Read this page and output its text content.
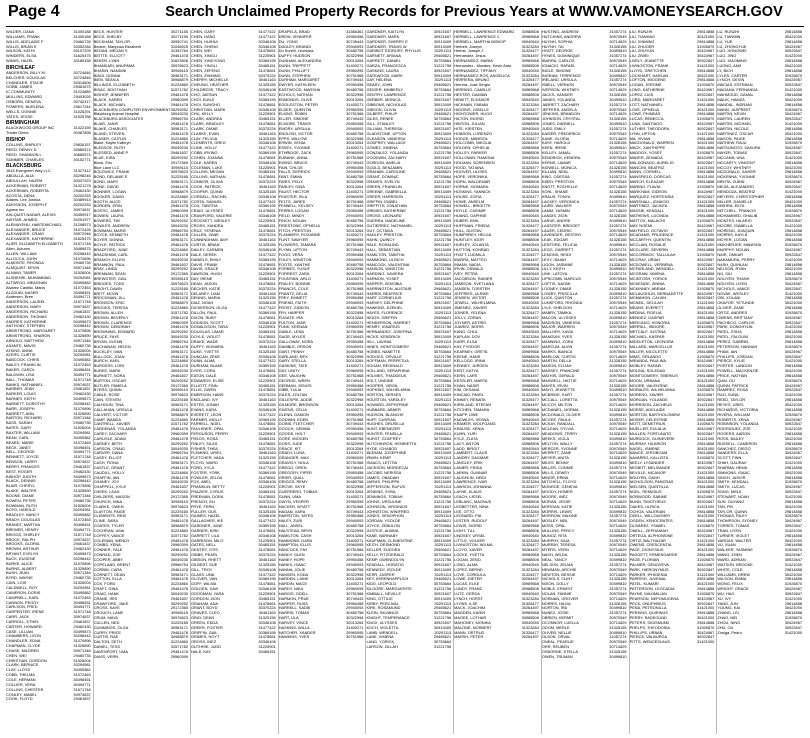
Page 4	Search Unclaimed Property Records for Previous Years at WWW.VAMONEYSEARCH.GOV
WILDER, DANA	31400188
WILLIAMS, FRANK	31400188
WILLIS, ADELAIDE F	29460726
WILLIS, BRIAN K	30352284
WILSON, KATHI	30107209
WINDERS, ELSA	31625475
WINKS, HAZEL	30189158
BIRCHLEAF
ANDERSON, BILLY M	30724846
BELCHER, DOUGLAS	30724846
CHANDLER, STACIE	30314606
GOBB, JAMES	29481875
IC COMMUNITY	31224889
MULLINS, EDWARD	29403026
OSBORN, GENEVA	30742417
POWERS, BURLENA	29617244
WELLS, DONNIE	31025291
YATES, JESSE	31525788
BIRMINGHAM
BLACKWOOD GROUP INC	31322159
Trader Direct	30467898
BISHOP
COLLINS, SHIRLEY	29826157
REED, DENNY D	30680574
REED, SHANNON L	30680574
SUMMER, CHARLES	30152771
BLACKSBURG
1815 Evergreen Way LLC	31327412
ABDALLA, ALIA	30298246
ABDULLAH, HAZEM	30337923
ACKERMAN, ROBERT	31021278
ACKERMAN, ROBERTA	29462430
ACOSTA, DENA	30202253
Adams, Lee Joshua	30489914
ADKISSON, JOSEPH F	30202253
Agnew Inc	30974637
AHLQUIST-NADAR, ALEXIS	30459917
AKHTAR, AHMED	30291977
ALEMAYEHU, HABTEMICHAEL	31298573
ALEXANDER, BRUCE	31072426
ALEXANDER, CRAIG	30972946
ALEXANDER, KATHERINE	31625475
ALIER, ELIZABETH ELIZABETH	31571748
Allen, Autumn	30489675
ALLEN, WILLIAM	30298442
ALLOCCA, JOHN	31070896
ALMONTE, RHONDA	29460735
ALMQUIST, KEVIN	30971346
ALNAWI, TAMER	31526004
ALSHEHRI, MUHAMMAD	30294981
ALTWEGG, MEAGHAN	30490882
Alvarez Castillo, Maria	31072463
ALZOUBI, NASER	30498451
Andersen, Bree	30494771
ANDERSON, LAUREL	31571748
ANDERSON, MARY	30974637
ANDERSON, RICHARD	29461837
ANDERSON, THOMAS	29462430
ANDRES, KATHERINE	30499873
ANTHONY, STEPHEN	30298442
ARMSTRONG, MARGARET	31070896
ARMSTRONG, SHARON	31325890
ARNOLD, MATTHEW	30971346
ASANTE, MAVIS	29460735
ATKINS, ANNA	31526004
AYERS, CURTIS	30294981
BABCOCK, CHRIS	30490882
BAILEY, FRANKLIN	31072463
BAKER, CAROL	30498451
BALDWIN, LISA	30494771
BALL, THOMAS	31571748
BANKS, NATHANIEL	30974637
BARBER, JEAN	29461837
BARKER, LOUIS	29462430
BARNES, KEITH	30499873
BARNETT, DOROTHY	30298442
BARR, JOSEPH	31070896
BARRETT, ANN	31325890
BARTON, RICHARD	30971346
BASS, SARAH	29460735
BATES, GARY	31526004
BAXTER, WILLIAM	30294981
BEAN, CARL	30490882
BEARD, MARIE	31072463
BECK, JANET	30498451
BELL, GEORGE	30494771
BENNETT, JOYCE	31571748
BENSON, LARRY	30974637
BERRY, FRANCES	29461837
BEST, ROGER	29462430
BISHOP, JUDITH	30499873
BLACK, DENNIS	30298442
BLAIR, CHERYL	31070896
BLAKE, WALTER	31325890
BOONE, DIANE	30971346
BOWEN, PETER	29460735
BOWMAN, RUTH	31526004
BOYD, HAROLD	30294981
BRADLEY, NANCY	30490882
BRADY, DOUGLAS	31072463
BRANDT, MARTHA	30498451
BREWER, HENRY	30494771
BRIGGS, SHIRLEY	31571748
BROCK, RALPH	30974637
BROOKS, GLORIA	29461837
BROWN, ARTHUR	29462430
BRYANT, EVELYN	30499873
BUCK, EUGENE	30298442
BURKE, ALICE	31070896
BURNS, ALBERT	31325890
BUSH, JEAN	30971346
BYRD, WAYNE	29460735
CAIN, LOIS	31526004
CALDWELL, ROY	30294981
CAMERON, DORIS	30490882
CAMPBELL, EARL	31072463
CANNON, PEGGY	30498451
CARLSON, FRED	30494771
CARPENTER, IRENE	31571748
CARR, JACK	30974637
CARROLL, ETHEL	29461837
CARTER, HOWARD	29462430
CASE, LILLIAN	30499873
CHAMBERS, LEON	30298442
CHANDLER, EDNA	31070896
CHAPMAN, CLYDE	31325890
CHASE, MILDRED	30971346
CHEN, WEI	29460735
CHRISTIAN, GORDON	31526004
CLARK, BERNICE	30294981
CLAY, LLOYD	30490882
COBB, THELMA	31072463
COLE, HERMAN	30498451
COLLIER, VERA	30494771
COLLINS, CHESTER	31571748
CONLEY, MABEL	30974637
COOK, FLOYD	29461837
BECK, HUNTER	30271155
BECK, SHELBY	30271155
BECKHAM, TAYLOR	30950741
Becker, Mariposa Elizabeth	31048925
BEGAN, MEGAN S	31392764
BEITTE, ELLIOTT	29461478
BEKER, LYNN	31623506
BHANDARI, ANUPAMA	30976623
BHASIN, NANDINI	30969115
BIAGI, DONNA	30963171
BIEN, SEAN A	30968879
BILLINGS, ELIZABETH	31224860
BISAC, BOOTHAH	31571782
BISHOP, JENNIFER	29461478
BLACK, KAREN	29960399
BLACK, MICHAEL	29461478
BLACKBURN COMPUTER ENVIRONMENT 30299252
Blackburg Animal Hospital	30049230
BLACKBURG ASSOCIATES	29966754
BLAIR, JANIS	29461478
BLAKE, CHARLES	30963171
BLAND, STEVEN	29461478
BLASER, CAITLIN	31224860
Blake, Kaylin Kathryn	29461478
BLEDSOE, RUTH	30049230
BLESSED, ANNE P	29461837
BLUE, KIRA	30299252
Block, Eric	29172365
Blue Lane LLC	30969115
BOLEWICZ, FRANK	30976623
BOND, DELANIE E	31225165
BOND, MARY	30963171
BONE, DAVID	29461478
BONNER, LOGAN	30968879
BOOKER, DAVID	31224860
BOOTH, ALICE	31571782
BORDEN, ERIN	29461478
BOSTIC, JAMES	29960399
BOWEN, LAURA	29461478
BOWERS, TIM	30299252
BOWLES, ANDREW	30049230
BOWMAN, MARIE	29966754
BOYCE, KENNETH	29461478
BOYER, DONNA	30963171
BOYLE, PATRICK	29461478
BRADFORD, JUNE	31224860
BRADSHAW, CARL	29461478
BRANCH, ELLEN	30049230
BRANNON, PAUL	29461837
BRAY, LINDA	30299252
BRENNAN, SEAN	29172365
BREWSTER, GAIL	30969115
BRIDGES, TODD	30976623
BRIGHT, DAWN	31225165
BRITT, KEVIN	30963171
BROCKMAN, JILL	29461478
BRONSON, ERIC	30968879
BROOKS, TERESA	31224860
BROWN, ALLEN	31571782
BROWN, BEVERLY	29461478
BROWN, CLARENCE	29960399
BROWN, DEBORAH	29461478
BROWNING, EDWARD	30299252
BRUCE, FAYE	30049230
BRYAN, GLENN	29966754
BUCHANAN, HELEN	29461478
BUCKLEY, IVAN	30963171
BULLOCK, JOAN	29461478
BURCH, KARL	31224860
BURGESS, LORI	29461478
BURKE, MARK	30049230
BURNETT, NORA	29461837
BURTON, OSCAR	30299252
BUTLER, PAMELA	29172365
BYERS, QUINN	30969115
CABLE, ROSE	30976623
CAIN, STEVEN	31225165
CALHOUN, TINA	30963171
CALLAHAN, URSULA	29461478
CALVERT, VICTOR	30968879
CAMP, WANDA	31224860
CANTRELL, XAVIER	31571782
CARDENAS, YOLANDA	29461478
CAREY, ZACHARY	29960399
CARLISLE, ADAM	29461478
CARNEY, BETH	30299252
CARSON, CRAIG	30049230
CARVER, DANA	29966754
CASEY, ELLIOT	29461478
CASH, FIONA	30963171
CASTLE, GRANT	29461478
CAUDILL, HOLLY	31224860
CHAFFIN, IAN	29461478
CHANEY, JOY	30049230
CHAPPELL, KYLE	29461837
CHEEK, LEAH	30299252
CHILDERS, MASON	29172365
CHURCH, NINA	30969115
CLARKE, OWEN	30976623
CLAYTON, PAIGE	31225165
CLEMENTS, REID	30963171
CLINE, SARA	29461478
COATES, TYLER	30968879
COCHRAN, UMA	31224860
COFFEY, VANCE	31571782
COLEMAN, WENDY	29461478
COMBS, XENA	29960399
CONNER, YALE	29461478
CONRAD, ZOE	30299252
COOPER, ABBY	30049230
COPELAND, BRENT	29966754
CORBIN, CARA	29461478
CORNETT, DEAN	30963171
COTTON, ELLA	29461478
COX, FORD	31224860
CRAFT, GINA	29461478
CRAIG, HANK	30049230
CRANE, IRIS	29461837
CRAWFORD, JAKE	30299252
CROSS, KAYE	29172365
CROUCH, LANE	30969115
CRUM, MAYA	30976623
CULLEN, NED	31225165
CUMMINGS, OLGA	30963171
CURRY, PRICE	29461478
CURTIS, RAE	30968879
DALTON, SETH	31224860
DANIEL, TESS	31571782
DAVENPORT, UMA	29461478
DAVIS, VERN	29960399
CHEN, GARY	31477422
CHEN, HANG	31477422
CHEN, HUIHUI	30346108
CHEN, SHENG	30346108
CHEN, WEI	31478651
CHEN, XINGLI	31225901
CHEN, XINGYONG	30369195
CHEN, YINGLI	30465151
CHEN, ZEFENG	31478651
CHEN, ZHIMING	30370224
CHERRY, MICHELLE	30461163
CHEUNG, HEATHER	31325155
CHILDRESS, TRACY	30346108
CHO, JAESUN	31477422
CHOI, EUNJI	30369195
CHOI, SUNGHO	31478651
CHRISTIAN, MARK	30346108
CHU, KELLY	31225901
CLARK, ANDREA	30465151
CLARK, BRADLEY	31478651
CLARK, DIANE	30370224
CLARKE, EVAN	30461163
CLAY, FELICIA	31325155
CLEMENTS, GREG	30346108
CLINE, HOLLY	31477422
COBB, IRVING	30369195
COHEN, JOANNA	31478651
COLE, KAREN	30346108
COLEMAN, LUKE	31225901
COLLINS, MEGAN	30465151
COLLINS, NATHAN	31478651
CONNOR, OLIVIA	30370224
COOK, PATRICK	30461163
COOPER, QUINN	31325155
CORDELL, RACHEL	30346108
COSTA, SAMUEL	31477422
COX, TABITHA	30369195
CRAIG, ULYSSES	31478651
CRAWFORD, VALERIE	30346108
CROCKETT, WESLEY	31225901
CROSS, XANDRA	30465151
CRUZ, YESENIA	31478651
CULLEN, ZANE	30370224
CUNNINGHAM, AMY	30461163
CURTIS, BRIAN	31325155
DAILEY, CARMEN	30346108
DALE, DEREK	31477422
DANIELS, EMILY	30369195
DAVIS, FRANK	31478651
DAVIS, GRACE	30346108
DAWSON, HUGH	31225901
DAY, IRENE	30465151
DEAN, JASON	31478651
DECKER, KATIE	30370224
DELANEY, LIAM	30461163
DENNIS, MARIA	31325155
DIAZ, NOAH	30346108
DICKERSON, OLGA	31477422
DILLON, PAUL	30369195
DIXON, RUBY	31478651
DODSON, SCOTT	30346108
DONALDSON, TARA	31225901
DOUGLAS, UMAR	30465151
DOYLE, VIOLET	31478651
DRAKE, WADE	30370224
DUFFY, XIOMARA	30461163
DUKE, YVETTE	31325155
DUNCAN, ZEKE	30346108
DUNN, ALMA	31477422
DURHAM, BLAKE	30369195
DYER, CORA	31478651
EATON, DALE	30346108
EDWARDS, ELISE	31225901
ELLIOTT, FINN	30465151
ELLIS, GWEN	31478651
EMERSON, HANS	30370224
ENGLAND, IVY	30461163
ESTES, JONAH	31325155
EVANS, KARA	30346108
EVERETT, LEON	31477422
FARMER, MOLLY	30369195
FARRELL, NOEL	31478651
FAULKNER, OPAL	30346108
FERGUSON, PERRY	31225901
FIELDS, ROSA	30465151
FINLEY, SILAS	31478651
FISHER, THEA	30370224
FLEMING, URIEL	30461163
FLETCHER, VADA	31325155
FLOYD, WARD	30346108
FORD, XYLA	31477422
FOSTER, YORK	30369195
FOWLER, ZELDA	31478651
FOX, ABEL	30346108
FRANKLIN, BETTY	31225901
FRAZIER, CYRUS	30465151
FREEMAN, DORA	31478651
FRENCH, ELI	30370224
FRYE, FERN	30461163
FULLER, GUS	31325155
GAINES, HAZEL	30346108
GALLAGHER, IKE	31477422
GARDNER, JUNE	30369195
GARNER, KIRK	31478651
GARRETT, LILA	30346108
GARRISON, MILO	31225901
GATES, NELL	30465151
GENTRY, OTIS	31478651
GIBBS, PEARL	30370224
GIBSON, RHETT	30461163
GILBERT, SUE	31325155
GILL, TROY	30346108
GLASS, UNA	31477422
GLOVER, VAN	30369195
GOFF, WILMA	31478651
GOLDEN, XAVI	30346108
GOODMAN, YARA	31225901
GORDON, ZION	30465151
GRAHAM, ADA	31478651
GRANT, BOYD	30370224
GRAVES, CLEO	30461163
GRAY, DEAN	31325155
GREEN, EDDA	30346108
GREER, FOSTER	31477422
GRIFFIN, GAIL	30369195
GRIMES, HOYT	31478651
GROSS, INEZ	30346108
GUTHRIE, JUDD	31225901
HALE, KAY	30465151
DRAPELA, BRAD	31566361
DREW, JENNIFER	29950458
DU, YONG	30749443
DUDLEY, BRANDI	29940093
Du Sorelli, Leonidas	30480758
DUFFY, HUDSON	30322998
DUNHAM, ALEXANDRA	30013264
DUNN, TRIPPETT	31400271
DUNN, PHILLIP T	29960095
DUNN, STEPHEN	30751968
DURHAM, MARGARET	30749443
DWYER, KATHLEEN	29950458
EASTWOOD, MARSHA	30480758
ECHOLS, NATHAN	30322998
EDMONDS, OLIVE	30013264
EGGLESTON, PETER	31400271
ELDER, QUENTIN	29960095
ELKINS, ROBIN	30751968
ELLER, SIMONE	30749443
ELMORE, TRAVIS	29950458
EMORY, URSULA	29940093
ENGLISH, VICTOR	30480758
EPPS, WILLOW	30322998
ERWIN, XENIA	30013264
ESSEX, YVONNE	31400271
ETHRIDGE, ZACK	29960095
EUBANK, ANNA	30751968
EWING, BRUCE	30749443
FAIN, CHLOE	29950458
FALLS, DERRICK	29940093
FANT, EMMA	30480758
FARIS, FELIX	30322998
FARLEY, GINA	30013264
FAUST, HECTOR	31400271
FEASTER, ISLA	29960095
FELTS, JARED	30751968
FENNELL, KELSEY	30749443
FERRIS, LOGAN	29950458
FIELD, MINDY	29940093
FINCH, NOLAN	30480758
FIRESTONE, OPHELIA	30322998
FITCH, PRESTON	30013264
FLANNERY, ROXANNE	31400271
FLINT, SAWYER	29960095
FLOWERS, TAMARA	30751968
FLYNN, UPTON	30749443
FOGG, VERA	29950458
FOLEY, WINSTON	29940093
FOOTE, XANTHE	30480758
FORBES, YUSUF	30322998
FORREST, ZARA	30013264
FOUNTAIN, ARLO	31400271
FRALEY, BONNIE	29960095
FRANCIS, COLE	30751968
FRANTZ, DELIA	30749443
FREY, EMMETT	29950458
FRIEND, FAITH	29940093
FROST, GIDEON	30480758
FRY, HARPER	30322998
FUGATE, IRA	30013264
FULTON, JADE	31400271
FUNK, KEENAN	29960095
GABLE, LENA	30751968
GAGE, MYLES	30749443
GALLOWAY, NORA	29950458
GAMBLE, ORSON	29940093
GANT, PENNY	30480758
GARLAND, REX	30322998
GARY, STELLA	30013264
GASKINS, TATE	31400271
GAY, UNITY	29960095
GEE, VAUGHN	30751968
GEORGE, WREN	30749443
GERMAN, XENOS	29950458
GIBB, YULIA	29940093
GILES, ZOLTAN	30480758
GILLESPIE, ADDIE	30322998
GILMORE, BRONSON	30013264
GIVENS, CELIA	31400271
GLENN, DAMON	29960095
GODWIN, EDEN	30751968
GOINS, FLETCHER	30749443
GOOCH, GEMMA	29950458
GOODE, HOLT	29940093
GORE, IMOGEN	30480758
GOSS, JUDE	30322998
GRACE, KIT	30013264
GRADY, LUNA	31400271
GRANGER, MAX	29960095
GRAVELY, NOLA	30751968
GREGG, OREN	30749443
GREGORY, PIPER	29950458
GRIER, QUILL	29940093
GRIGGS, REMY	30480758
GROVE, SKYE	30322998
GUERRERO, TOBIAS	30013264
GUNN, UMA	31400271
GWYN, VESPER	29960095
HACKER, WYATT	30751968
HAGAN, XARA	30749443
HAIRSTON, YATES	29950458
HALEY, ZURI	29940093
HALL, ANSEL	30480758
HALSTEAD, BRYN	30322998
HAMILTON, CASH	30013264
HAMMOND, DARA	31400271
HAMPTON, ELLIS	29960095
HANCOCK, FAY	30751968
HANDY, GLEN	30749443
HANEY, HOPE	29950458
HANKS, ISAAC	29940093
HANNA, JOLIE	30480758
HANSEN, KODA	30322998
HARDEN, LAINE	30013264
HARDIN, MACE	31400271
HARDY, NIKA	29960095
HARGIS, ODELL	30751968
HARMON, PRUE	30749443
HARPER, RUSS	29950458
HARRELL, SADIE	29940093
HARRIS, TOMAS	30480758
HART, ULA	30322998
HARVEY, VINCE	30013264
HASKINS, WILLA	31400271
HATCHER, XANDER	29960095
HAWKINS, YVES	30751968
GARDNER, KAITLYN	30921607
GARDNER, MARK	30921607
GARDNER, SHERRY E	30913409
GARDNER, TRAVIS W	30913409
GARIBOTTODRURY, PHYLLIS	30291113
GARNETT, ARIANA	29465621
GARRETT, DANIEL	30753664
GARZA, FRANCESCA	31221756
GASKINS, LAURA	30921607
GATEWOOD, MARK	30913409
GAY, HELENA	30291113
GEARY, JOHN	29465621
GEIGER, KIMBERLY	30753664
GENTRY, LAWRENCE	31221756
GERBER, MONICA	30921607
GIBBONS, NICHOLAS	30913409
GIBSON, OLIVIA	30291113
GILBERT, PHILIP	29465621
GILES, RENEE	30753664
GILL, STANLEY	31221756
GILLIAM, THERESA	30921607
GLADSTONE, UPTON	30913409
GLEASON, VANESSA	30291113
GODFREY, WALLACE	29465621
GOMEZ, XIMENA	30753664
GONZALEZ, YOLANDA	31221756
GOODWIN, ZACHARY	30921607
GORDON, AMELIA	30913409
GOULD, BENJAMIN	30291113
GRAHAM, CAROLINE	29465621
GRANT, DOMINIC	30753664
GRAVES, EVELYN	31221756
GREEN, FRANKLIN	30921607
GREENE, GABRIELLA	30913409
GREER, HARRISON	30291113
GRIFFIN, ISABEL	29465621
GRIFFITH, JONATHAN	30753664
GRIMES, KATHERINE	31221756
GROSS, LEONARD	30921607
GUERRA, MADELINE	30913409
GUTIERREZ, NATHANIEL	30291113
GUY, OCTAVIA	29465621
HADLEY, PRESTON	30753664
HAHN, QUINCY	31221756
HALE, ROSALIND	30921607
HALL, SEBASTIAN	30913409
HAMILTON, TABITHA	30291113
HAMMOND, ULRICH	29465621
HANCOCK, VALENTINA	30753664
HANSON, WINSTON	31221756
HARDING, XAVIERA	30921607
HARMON, YOSEF	30913409
HARPER, ZENOBIA	30291113
HARRINGTON, ALISTAIR	29465621
HARRIS, BEATRICE	30753664
HART, CORNELIUS	31221756
HARVEY, DELPHINE	30921607
HAWKINS, EZEKIEL	30913409
HAYES, FLORENCE	30291113
HEATH, GRIFFIN	29465621
HENDERSON, HARRIET	30753664
HENRY, IGNATIUS	31221756
HERNANDEZ, JOSEFINA	30921607
HICKS, KENDRICK	30913409
HILL, LAVINIA	30291113
HINES, MONTGOMERY	29465621
HOBBS, NANETTE	30753664
HODGES, ORVILLE	31221756
HOFFMAN, PERPETUA	30921607
HOGAN, REGINALD	30913409
HOLLAND, SERAPHINA	30291113
HOLMES, THADDEUS	29465621
HOLT, UNDINE	30753664
HOOPER, VIRGIL	31221756
HOPKINS, WILHELMINA	30921607
HORTON, XERXES	30913409
HOUSTON, YARDLEY	30291113
HOWARD, ZEPHYRINE	29465621
HUBBARD, ABNER	30753664
HUDSON, BLANCHE	31221756
HUFF, CASPIAN	30921607
HUGHES, DRUSILLA	30913409
HUNT, EBENEZER	30291113
HUNTER, FENELLA	29465621
HURST, GODFREY	30753664
HUTCHINSON, HENRIETTA	31221756
HYDE, ICHABOD	30921607
INGRAM, JOSEPHINE	30913409
IRWIN, KEMP	30291113
ISAACS, LETITIA	29465621
JACKSON, MORDECAI	30753664
JACOBS, NERISSA	31221756
JAMES, OBADIAH	30921607
JARVIS, PHILIPPA	30913409
JEFFERSON, RUFUS	30291113
JENKINS, SYBIL	29465621
JENNINGS, TOBIAH	30753664
JOHNS, URSULINE	31221756
JOHNSON, VIRGINIUS	30921607
JOHNSTON, WINIFRED	30913409
JONES, XENOPHON	30291113
JORDAN, YSOLDE	29465621
JOYCE, ZEBULON	30753664
JUSTICE, ALBINA	31221756
KANE, BARNABY	30921607
KAUFMAN, CLEMENTINE	30913409
KEITH, DESMOND	30291113
KELLER, EUDORA	29465621
KELLY, FITZGERALD	30753664
KEMP, GWENDOLYN	31221756
KENDALL, HORATIO	30921607
KENNEDY, ISOLDE	30913409
KERR, JASPER	30291113
KEY, KERENHAPPUCH	29465621
KIDD, LEOPOLD	30753664
KILGORE, MARGUERITE	31221756
KIMBALL, NEVILLE	30921607
KING, OTTILIE	30913409
KIRBY, PERCIVAL	30291113
KIRK, ROSAMUND	29465621
KLEIN, SILVANUS	30753664
KNIGHT, TEMPERANCE	31221756
KNOX, ULYSSES	30921607
KOCH, VIOLETTA	30913409
LAMB, WENDELL	30291113
LANE, XIMENA	29465621
LANG, YORICK	30753664
LARSON, ZILLAH	31221756
HERBELL, LAWRENCE EDWARD 30988506
HERBELL, LAWRENCE C	30989568
HERBELL, MARTHA BISHOP	30940540
Herbert, Joseph	31323284
Herbst, Joseph J	31326477
Hernandez, Jesus	30264497
HERNANDEZ, MARIA	30989568
Hernandez - Morales, Kevin Aldo	30988506
HERNANDEZ, TIFFANY	30940540
HERNANDEZ-ROS, ANGELICA	31323284
HERRERA, BRUNO	31326477
Herrera, Jose Sergio	30264497
HERRING, CAMILLE	30989568
HESTER, DAMIAN	30988506
HEWITT, ELEANOR	30940540
HICKMAN, FABIAN	31323284
HIGGINS, GISELLE	31326477
HIGHTOWER, HUGO	30264497
HILTON, INGRID	30989568
HINTON, JULIAN	30988506
HITE, KIRSTEN	30940540
HOBSON, LORENZO	31323284
HODGE, MARISOL	31326477
HOLCOMB, NIKOLAI	30264497
HOLDEN, OPHELIA	30989568
HOLLEY, PARKER	30988506
HOLLOWAY, RAMONA	30940540
HOLMAN, SORENSEN	31323284
HOOD, TATIANA	31326477
HOOVER, ULISES	30264497
HOPE, VERONIKA	30989568
HORN, WALDEMAR	30988506
HORNE, XIOMARA	30940540
HOSKINS, YANNICK	31323284
HOUSE, ZOFIA	31326477
HOWE, ANSELM	30264497
HOWELL, BRIGITTE	30989568
HOYLE, CASIMIR	30988506
HUANG, DAPHNE	30940540
HUBER, EMIL	31323284
HUFFMAN, FRIEDA	31326477
HULL, GUSTAV	30264497
HUMPHREY, HELGA	30989568
HUNTLEY, IGOR	30988506
HURLEY, JOLANTA	30940540
HUTTON, KONRAD	31323284
HYATT, LUDMILA	31326477
IBARRA, MATTEO	30264497
INMAN, NADIA	30989568
IRVIN, OSWALD	30988506
IVEY, PETRA	30940540
JACOBSON, RAINER	31323284
JAMISON, SVETLANA	31326477
JANSEN, TORSTEN	30264497
JEFFRIES, ULRIKE	30989568
JENSEN, VIKTOR	30988506
JEWELL, WILHELMINA	30940540
JIMENEZ, XAVIER	31323284
JOINER, YELENA	31326477
JOLLY, ZORAN	30264497
JOYNER, ASTRID	30989568
JUAREZ, BORIS	30988506
KANG, CHUL	30940540
KAPLAN, DOV	31323284
KARR, ELSA	31326477
KAY, FYODOR	30264497
KEARNEY, GRETA	30989568
KEENE, HANS	30988506
KELLOGG, IRINA	30940540
KENNEY, JURGEN	31323284
KENT, KATYA	31326477
KERN, LARS	30264497
KESSLER, MARTA	30989568
KHAN, NASIR	30988506
KIM, OKSANA	30940540
KINCAID, PAVEL	31323284
KINNEY, RENATA	31326477
KIRKLAND, STEFAN	30264497
KITCHEN, TAMARA	30989568
KNAPP, UWE	30988506
KNOWLES, VESNA	30940540
KRAMER, WOLFGANG	31323284
KRAUSE, XENIA	31326477
KUHN, YURI	30264497
KYLE, ZLATA	30989568
LACY, ANTON	30988506
LADD, BIRGIT	30940540
LAMBERT, CLAUS	31323284
LANDRY, DAGMAR	31326477
LANGLEY, ERIK	30264497
LANIER, FRIDA	30989568
LARKIN, GUNNAR	30988506
LAUGHLIN, HEIDI	30940540
LAWRENCE, IVAR	31323284
LAWSON, JOHANNA	31326477
LAYNE, KLAUS	30264497
LEACH, LIESEL	30989568
LEBLANC, MAGNUS	30988506
LEDBETTER, NINA	30940540
LEE, OTTO	31323284
LEONARD, PIA	31326477
LESTER, RUDOLF	30264497
LEWIS, SIGRID	30989568
LIGHT, TILL	30988506
LINDSEY, URSEL	30940540
LITTLE, VOLKER	31323284
LIVINGSTON, WILMA	31326477
LLOYD, XAVER	30264497
LOCKE, YVETTA	30989568
LOGAN, ZENO	30988506
LONG, ALMA	30940540
LOPEZ, BERND	31323284
LOVE, CORDULA	31326477
LOWE, DIETER	30264497
LUCAS, ELKE	30989568
LUNDY, FRANZ	30988506
LUTZ, GERDA	30940540
LYNCH, HORST	31323284
LYONS, ILSE	31326477
MACK, JOACHIM	30264497
MADDEN, KARIN	30989568
MAGEE, LOTHAR	30988506
MAHONEY, MONIKA	30940540
MALONE, NORBERT	31323284
MANN, ORTRUD	31326477
MARSH, PETER	30264497
HUSTING, ANDREW	31057274
HUTCHINS, ANDREW	30970549
HUYNH, SOPHIA	30714629
HUYNH, TAI	31328155
HYATT, GEORGE	30499810
HYNES, DOMINIQUE	31057274
IBARRA, CARLOS	30970549
IGNACIO, RAFAEL	30714629
INGLE, SIMONE	31328155
INGRAM, TERRENCE	30499810
IRELAND, URSULA	31057274
ISBELL, VERNON	30970549
IVERSON, WHITNEY	30714629
JACKS, XANDER	31328155
JAMES, YOLANDA	30499810
JARRETT, ZACHARY	31057274
JEFFERS, ANGELA	30970549
JENKINS, BRANDON	30714629
JOHNSON, CRYSTAL	31328155
JONES, DARNELL	30499810
JUDD, EMILY	31057274
KAISER, FREDERICK	30970549
KANE, GLORIA	30714629
KAYE, HAROLD	31328155
KEEN, IRENE	30499810
KELLEY, JAMAL	31057274
KENDRICK, KENDRA	30970549
KERNS, LAMAR	30714629
KIDWELL, MONICA	31328155
KILLIAN, NEAL	30499810
KING, ODESSA	31057274
KIRBY, PRESTON	30970549
KNOTT, ROCHELLE	30714629
KOHL, SHANE	31328155
KRAUS, TONYA	30499810
LACKEY, VERONICA	31057274
LAIRD, WALKER	30970549
LAMM, YASMIN	30714629
LANDIS, ZION	31328155
LARUE, ANDRE	30499810
LASSITER, BRIDGET	31057274
LAUER, CEDRIC	30970549
LAVENDER, DESTINY	30714629
LEAK, EDGAR	31328155
LEDFORD, FELICIA	30499810
LEGG, GARRETT	31057274
LEMONS, HEIDI	30970549
LEVY, ISAIAH	30714629
LIGON, JASMINE	31328155
LILLY, KEITH	30499810
LINK, LATOYA	31057274
LIPSCOMB, MARCUS	30970549
LOFTIS, NAOMI	30714629
LOONEY, OMAR	31328155
LOWRY, PRISCILLA	30499810
LUCK, QUINTON	31057274
LUNSFORD, RHONDA	30970549
LYLE, SHELDON	30714629
MABRY, TAMIKA	31328155
MACON, ULYSSES	30499810
MADISON, VANESSA	31057274
MAJOR, WARREN	30970549
MALLORY, XAVIA	30714629
MANGUM, YVES	31328155
MANNING, ZORA	30499810
MARCUM, ALVIN	31057274
MARKS, BIANCA	30970549
MARLOW, CURTIS	30714629
MARTIN, DELLA	31328155
MASON, ELIJAH	30499810
MASSEY, FRANCINE	31057274
MATHIS, GERALD	30970549
MAXWELL, HATTIE	30714629
MAYES, IRVIN	31328155
MAYO, JEANETTE	30499810
MCBRIDE, KURT	31057274
MCCALL, LORETTA	30970549
MCCOY, MILTON	30714629
MCDANIEL, NORMA	31328155
MCDONALD, OLIVER	30499810
MCGEE, PAULA	31057274
MCKAY, RANDALL	30970549
MCLEAN, SYLVIA	30714629
MEADOWS, TERRY	31328155
MEEKS, VIOLA	30499810
MELTON, WALLY	31057274
MERCER, YVONNE	30970549
MERRITT, ZANE	30714629
MEYER, ANITA	31328155
MILES, BENNY	30499810
MILLER, CONNIE	31057274
MILLS, DEWEY	30970549
MINOR, ERMA	30714629
MITCHELL, FLOYD	31328155
MONROE, GENEVA	30499810
MOODY, HOMER	31057274
MOORE, INEZ	30970549
MORAN, JESSE	30714629
MORGAN, KATIE	31328155
MORRIS, LEWIS	30499810
MORROW, MAXINE	31057274
MOSLEY, NEIL	30970549
MOSS, OPAL	30714629
MULLINS, PERCY	31328155
MUNOZ, RITA	30499810
MURPHY, SAUL	31057274
MURRAY, TERESA	30970549
MYERS, VERN	30714629
NASH, WILDA	31328155
NEAL, YANCY	30499810
NELSON, ZELMA	31057274
NEWMAN, ARCHIE	30970549
NEWTON, BESSIE	30714629
NICHOLS, CLINT	31328155
NIXON, DOLLY	30499810
NOBLE, ERNEST	31057274
NOLAN, FANNIE	30970549
NORMAN, GROVER	30714629
NORRIS, HILDA	31328155
NORTON, IRA	30499810
NUNEZ, JOSIE	31057274
OBRIEN, KERMIT	30970549
OCONNOR, LUELLA	30714629
ODOM, MERLE	31328155
OLIVER, NELLIE	30499810
OLSON, ORVAL	31057274
ONEAL, PEARLIE	30970549
ORR, REUBEN	30714629
OSBORNE, STELLA	31328155
OWEN, TRUMAN	30499810
LIU, RUNZHI	29814858
LIU, TIANHAO	30421000
LIU, XINMING	29814858
LIU, ZHUOER	31926870
LIU, ZHUYUN	30424967
LIU, ZIWEI	30424967
LIVELY, JEANETTE	30922847
LIVINGSTON, FRANK	31421000
LLOYD, GRETCHEN	29814858
LOCKHART, HARLAN	30421000
LOFTON, IMOGENE	29814858
LOGAN, JEROME	31926870
LONG, KATHERINE	30424967
LOPEZ, LUIS	30922847
LORD, MARGARET	31421000
LOTT, NATHANIEL	29814858
LOVE, OPHELIA	30421000
LOWE, PHINEAS	29814858
LUCAS, REBECCA	31926870
LUNA, SANTIAGO	30424967
LUTHER, THEODORA	30922847
LYNN, UPTON	31421000
MA, VIVIAN	29814858
MACDONALD, WARREN	30421000
MACK, XANTHIPPE	29814858
MADDOX, YOSEF	31926870
MAHER, ZENAIDA	30424967
MALDONADO, AURELIO	30922847
MANCINI, BEATRIZ	31421000
MANN, CORNELL	29814858
MANSFIELD, DORCAS	30421000
MARCH, ELEAZAR	29814858
MARINO, FLAVIA	31926870
MARKHAM, GIDEON	30424967
MARQUEZ, HORTENSIA	30922847
MARSHALL, IGNACIO	31421000
MARTINEZ, JACINTA	29814858
MASSIE, KENDALL	30421000
MATHEWS, LUCINDA	29814858
MATTOX, MALACHI	31926870
MAY, NOEMI	30424967
MAYFIELD, OCTAVIO	30922847
MCADAMS, PRUDENCE	31421000
MCCARTHY, QUENTIN	29814858
MCCLAIN, ROSALIE	30421000
MCCLURE, SEVERIN	29814858
MCCORMICK, TALLULAH	31926870
MCCRAY, URIAH	30424967
MCDOWELL, VERBENA	30922847
MCFARLAND, WENDELL	31421000
MCGRAW, XIMENA	29814858
MCINTOSH, YORICK	30421000
MCKENZIE, ZINNIA	29814858
MCKINNEY, ABRAM	31926870
MCLAUGHLIN, BERNADETTE	30424967
MCMAHON, CALVIN	30922847
MCNEIL, DELILAH	31421000
MEANS, EVERETT	29814858
MEDINA, FIDELIA	30421000
MENDEZ, GASPAR	29814858
MERCADO, HONORIA	31926870
MERRILL, ISIDORE	30424967
METCALF, JUSTINA	30922847
MICHAEL, KASPAR	31421000
MIDDLETON, LEONORA	29814858
MILLARD, MARCELLUS	30421000
MILLER, NICOLETTE	29814858
MIMS, ORLANDO	31926870
MIRANDA, PAULINA	30424967
MOBLEY, RAFAEL	30922847
MOLINA, SOLEDAD	31421000
MONTGOMERY, TIBERIUS	29814858
MOON, URBANA	30421000
MOORE, VALENTINE	29814858
MORALES, WILHELMINA	31926870
MORENO, XAVIER	30424967
MORGAN, YOLANDE	30922847
MORRISON, ZACHEUS	31421000
MORSE, ADELAIDE	29814858
MORTON, BARTHOLOMEW	30421000
MOSER, CELESTINE	29814858
MOTT, DEMETRIUS	31926870
MUELLER, EULALIA	30424967
MULLEN, FORTUNATO	30922847
MURDOCK, GUINEVERE	31421000
MURRAY, HILARION	29814858
NAGEL, ISMENE	30421000
NANCE, JEROBOAM	29814858
NAVARRO, KALLISTA	31926870
NEELY, LYSANDER	30424967
NESBITT, MELISANDE	30922847
NEVILLE, NICANOR	31421000
NGUYEN, OANH	29814858
NICHOLSON, PANCRAS	30421000
NIELSEN, QUINTILLA	29814858
NOEL, REMIGIUS	31926870
NORWOOD, SABINE	30424967
NUNN, TIMOTHEUS	30922847
OAKES, ULRICA	31421000
OCHOA, VALERIAN	29814858
ODELL, WILLOUGHBY	30421000
OGDEN, XENOCRATES	29814858
OLIVAREZ, YSABEL	31926870
ONEILL, ZEPHANIAH	30424967
ORTEGA, ALPHONSINE	30922847
ORTIZ, BALTHAZAR	31421000
OWENS, CRESCENTIA	29814858
PACE, DIONYSIUS	30421000
PADGETT, ERMENGARDE	29814858
PAGE, FLORIAN	31926870
PALMER, GENOVEVA	30424967
PARK, HIERONYMUS	30922847
PARKER, IPHIGENIA	31421000
PARRISH, JUVENAL	29814858
PATEL, KUMARI	30421000
PATTERSON, LEOCADIA	29814858
PAYNE, MAXIMILIAN	31926870
PEARSON, NEPOMUCENA	30424967
PECK, ONUPHRIUS	30922847
PENA, PETRONILLA	31421000
PERKINS, QUIRINUS	29814858
PERRY, RADEGUND	30421000
PETERS, SIGISMUND	29814858
PHELPS, THEODOSIA	31926870
PHILLIPS, URBAN	30424967
PIERCE, VALBURGA	30922847
PITTS, WENCESLAUS	31421000
LU, RUNZHI	29814858
LU, TIANMIN	30421000
LU, YUE	29814858
LU, ZHONGYUE	30424967
LUO, HONGWEI	30922847
LUO, JING	31421000
LUO, XIAOMING	29814858
LUONG, ANH	30421000
LY, BICH	29814858
LYLES, CARTER	31926870
LYNCH, DEVIN	30424967
MACIAS, ESTEBAN	30922847
MAGANA, FERNANDA	31421000
MAHMOUD, GAMAL	29814858
MALIK, HAMZA	30421000
MANDAL, INDRANI	29814858
MANN, JASPREET	31926870
MARTIN, KEVIN	30424967
MARTIN, LAUREN	30922847
MARTIN, MICHAEL	31421000
MARTIN, NICOLE	29814858
MARTINEZ, OSCAR	30421000
MASON, PAIGE	29814858
MATHEW, RAJU	31926870
MATSUMOTO, SAKURA	30424967
MAYER, TOBIAS	30922847
MCCANN, UNA	31421000
MCCARTY, VINCENT	29814858
MCCOY, WHITNEY	30421000
MCDONALD, XAVIER	29814858
MCKENNA, YVONNE	31926870
MEHTA, ZUBIN	30424967
MEJIA, ALEJANDRO	30922847
MENDOZA, BEATRIZ	31421000
MEYERS, CHRISTOPHER	29814858
MILLER, DANIELLE	30421000
MISHRA, EKTA	29814858
MITCHELL, FRANCIS	31926870
MOHAMMED, GHALIB	30424967
MONTES, HILARIO	30922847
MOORE, ISABELLA	31421000
MORENO, JOAQUIN	29814858
MORRIS, KAYLA	30421000
MOYER, LOGAN	29814858
MUKHERJEE, MANISHA	31926870
MURPHY, NOLAN	30424967
NAIR, OMKAR	30922847
NAKAMURA, PERRY	31421000
NASH, QUINLAN	29814858
NELSON, RYAN	30421000
NG, SIU	29814858
NGUYEN, THANH	31926870
NGUYEN, UYEN	30424967
NICHOLS, VANCE	30922847
NOVAK, WESLEY	31421000
OBI, XOLANI	29814858
OKAFOR, YETUNDE	30421000
OLIVER, ZANE	29814858
ORTIZ, ANDRES	31926870
OWENS, BRITTANY	30424967
PACHECO, CARLOS	30922847
PARK, DONGHYUN	31421000
PATEL, ESHA	29814858
PATEL, FALGUNI	30421000
PEREZ, GABRIEL	29814858
PETERSON, HANNAH	31926870
PHAM, IAN	30424967
PHILLIPS, JORDAN	30922847
PIERCE, KYLIE	31421000
PORTER, LANDON	29814858
POWELL, MACKENZIE	30421000
PRICE, NATHAN	29814858
QIAN, OU	31926870
QUINN, PATRICK	30424967
RAMIREZ, ROSA	30922847
RAO, SUNIL	31421000
REED, TAYLOR	29814858
REYES, URIEL	30421000
RICHARDS, VICTORIA	29814858
RIVERA, WILLIAM	31926870
ROBERTS, XENA	30424967
ROBINSON, YOLANDA	30922847
RODRIGUEZ, ZOE	31421000
ROGERS, AARON	29814858
ROSS, BAILEY	30421000
RUSSELL, CAMERON	29814858
SANCHEZ, DIEGO	31926870
SANDERS, ELLA	30424967
SCOTT, FINN	30922847
SHAH, GAURAV	31421000
SHARMA, HEMA	29814858
SIMMONS, ISAAC	30421000
SINGH, JASVIR	29814858
SMITH, KENDALL	31926870
SMITH, LUCAS	30424967
SONG, MINJI	30922847
STEWART, NOAH	31421000
SUN, OUYANG	29814858
TAN, PEI	30421000
TAYLOR, QUINN	29814858
THOMAS, RILEY	31926870
THOMPSON, SYDNEY	30424967
TORRES, TOMAS	30922847
TRAN, UYEN	31421000
TURNER, VIOLET	29814858
VARGAS, WALTER	30421000
VU, XUAN	29814858
WALKER, YASMINE	31926870
WANG, ZHEN	30424967
WARD, ADRIAN	30922847
WATSON, BROOKE	31421000
WHITE, COLE	29814858
WILLIAMS, DREW	30421000
WILSON, EMMA	29814858
WONG, FELIX	31926870
WRIGHT, GRACE	30424967
WU, HAO	30922847
XU, IVY	31421000
YANG, JUN	29814858
YOUNG, KAI	30421000
ZHANG, LEI	29814858
ZHAO, MEI	31926870
ZHOU, NING	30424967
ZHU, OU	30922847
Zuniga, Pedro	31421000
